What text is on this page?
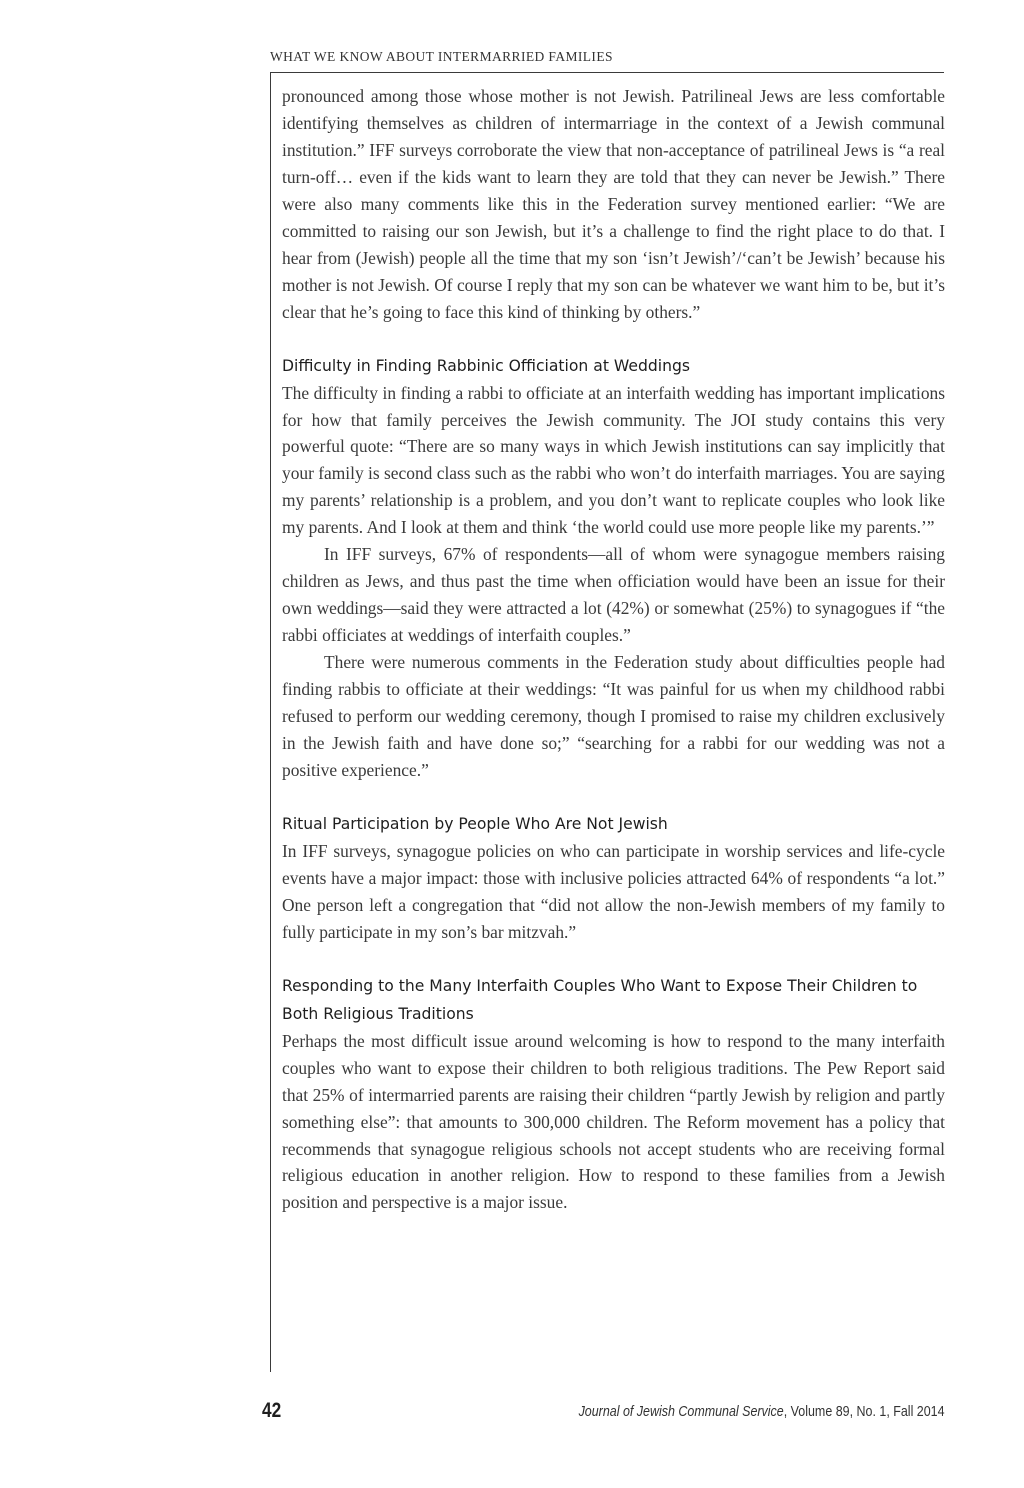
WHAT WE KNOW ABOUT INTERMARRIED FAMILIES

pronounced among those whose mother is not Jewish. Patrilineal Jews are less comfortable identifying themselves as children of intermarriage in the context of a Jewish communal institution.” IFF surveys corroborate the view that non-acceptance of patrilineal Jews is “a real turn-off… even if the kids want to learn they are told that they can never be Jewish.” There were also many comments like this in the Federation survey mentioned earlier: “We are committed to raising our son Jewish, but it’s a challenge to find the right place to do that. I hear from (Jewish) people all the time that my son ‘isn’t Jewish’/‘can’t be Jewish’ because his mother is not Jewish. Of course I reply that my son can be whatever we want him to be, but it’s clear that he’s going to face this kind of thinking by others.”

Difficulty in Finding Rabbinic Officiation at Weddings

The difficulty in finding a rabbi to officiate at an interfaith wedding has important implications for how that family perceives the Jewish community. The JOI study contains this very powerful quote: “There are so many ways in which Jewish institutions can say implicitly that your family is second class such as the rabbi who won’t do interfaith marriages. You are saying my parents’ relationship is a problem, and you don’t want to replicate couples who look like my parents. And I look at them and think ‘the world could use more people like my parents.’”

In IFF surveys, 67% of respondents—all of whom were synagogue members raising children as Jews, and thus past the time when officiation would have been an issue for their own weddings—said they were attracted a lot (42%) or somewhat (25%) to synagogues if “the rabbi officiates at weddings of interfaith couples.”

There were numerous comments in the Federation study about difficulties people had finding rabbis to officiate at their weddings: “It was painful for us when my childhood rabbi refused to perform our wedding ceremony, though I promised to raise my children exclusively in the Jewish faith and have done so;” “searching for a rabbi for our wedding was not a positive experience.”

Ritual Participation by People Who Are Not Jewish

In IFF surveys, synagogue policies on who can participate in worship services and life-cycle events have a major impact: those with inclusive policies attracted 64% of respondents “a lot.” One person left a congregation that “did not allow the non-Jewish members of my family to fully participate in my son’s bar mitzvah.”

Responding to the Many Interfaith Couples Who Want to Expose Their Children to Both Religious Traditions

Perhaps the most difficult issue around welcoming is how to respond to the many interfaith couples who want to expose their children to both religious traditions. The Pew Report said that 25% of intermarried parents are raising their children “partly Jewish by religion and partly something else”: that amounts to 300,000 children. The Reform movement has a policy that recommends that synagogue religious schools not accept students who are receiving formal religious education in another religion. How to respond to these families from a Jewish position and perspective is a major issue.

42	Journal of Jewish Communal Service, Volume 89, No. 1, Fall 2014
